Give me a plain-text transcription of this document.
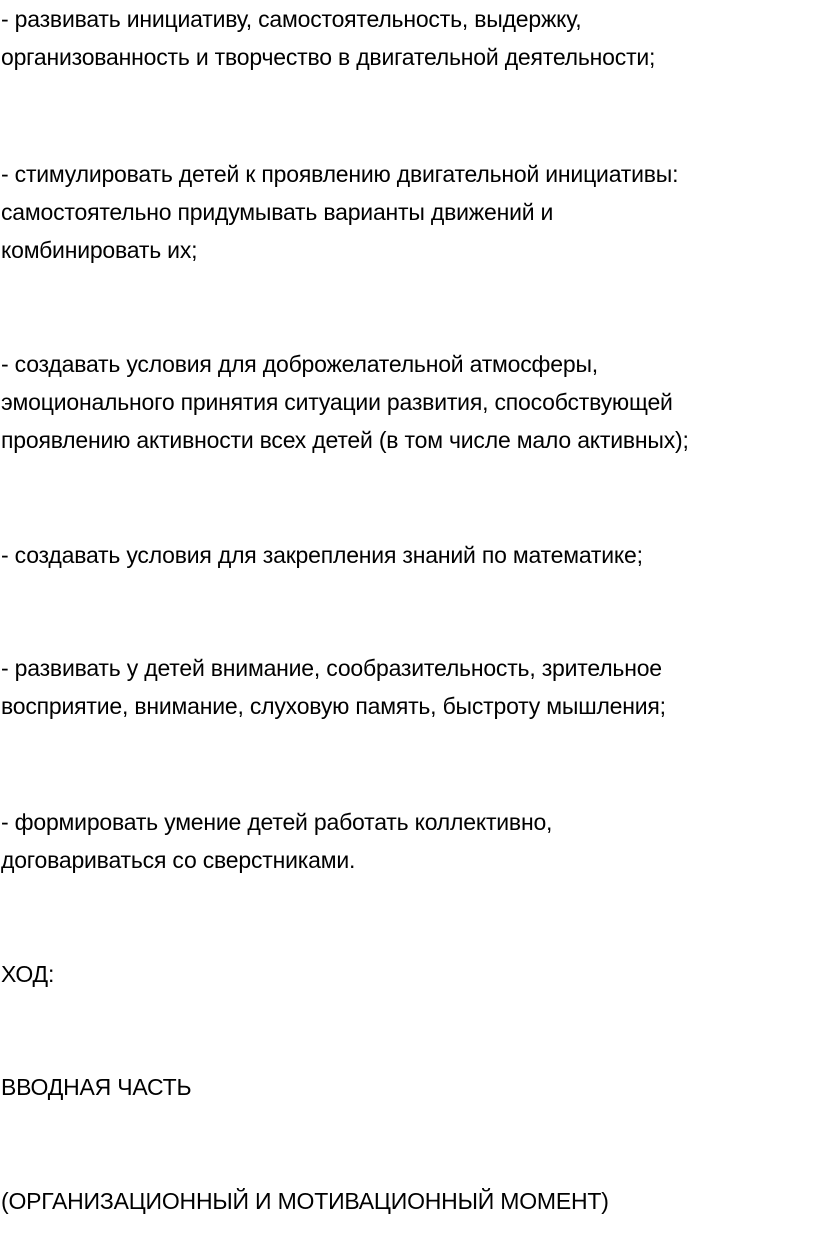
- развивать инициативу, самостоятельность, выдержку,
организованность и творчество в двигательной деятельности;
- стимулировать детей к проявлению двигательной инициативы:
самостоятельно придумывать варианты движений и
комбинировать их;
- создавать условия для доброжелательной атмосферы,
эмоционального принятия ситуации развития, способствующей
проявлению активности всех детей (в том числе мало активных);
- создавать условия для закрепления знаний по математике;
- развивать у детей внимание, сообразительность, зрительное
восприятие, внимание, слуховую память, быстроту мышления;
- формировать умение детей работать коллективно,
договариваться со сверстниками.
ХОД:
ВВОДНАЯ ЧАСТЬ
(ОРГАНИЗАЦИОННЫЙ И МОТИВАЦИОННЫЙ МОМЕНТ)
